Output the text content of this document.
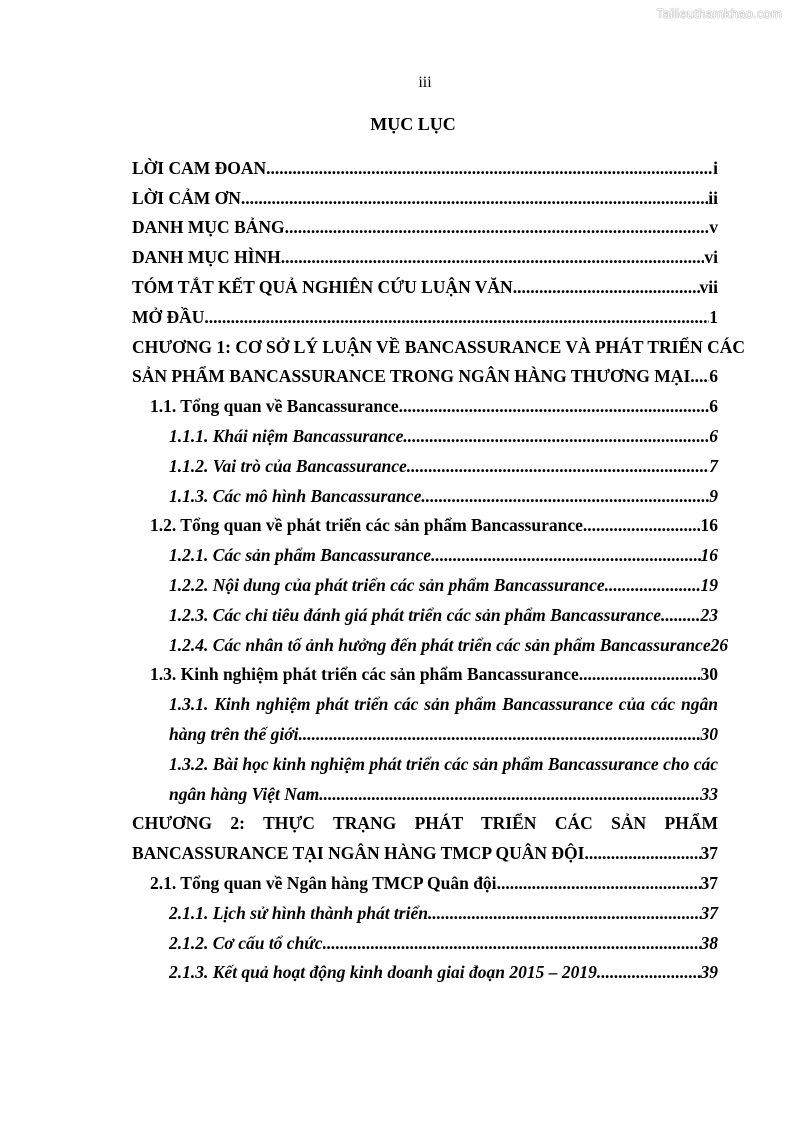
Tailieuthamkhao.com
iii
MỤC LỤC
LỜI CAM ĐOAN .....	i
LỜI CẢM ƠN .....	ii
DANH MỤC BẢNG .....	v
DANH MỤC HÌNH .....	vi
TÓM TẮT KẾT QUẢ NGHIÊN CỨU LUẬN VĂN .....	vii
MỞ ĐẦU .....	1
CHƯƠNG 1: CƠ SỞ LÝ LUẬN VỀ BANCASSURANCE VÀ PHÁT TRIỂN CÁC
SẢN PHẨM BANCASSURANCE TRONG NGÂN HÀNG THƯƠNG MẠI ..... 6
1.1. Tổng quan về Bancassurance .....	6
1.1.1. Khái niệm Bancassurance .....	6
1.1.2. Vai trò của Bancassurance .....	7
1.1.3. Các mô hình Bancassurance .....	9
1.2. Tổng quan về phát triển các sản phẩm Bancassurance .....	16
1.2.1. Các sản phẩm Bancassurance .....	16
1.2.2. Nội dung của phát triển các sản phẩm Bancassurance .....	19
1.2.3. Các chỉ tiêu đánh giá phát triển các sản phẩm Bancassurance ..... 23
1.2.4. Các nhân tố ảnh hưởng đến phát triển các sản phẩm Bancassurance 26
1.3. Kinh nghiệm phát triển các sản phẩm Bancassurance .....	30
1.3.1. Kinh nghiệm phát triển các sản phẩm Bancassurance của các ngân
hàng trên thế giới .....	30
1.3.2. Bài học kinh nghiệm phát triển các sản phẩm Bancassurance cho các
ngân hàng Việt Nam .....	33
CHƯƠNG 2: THỰC TRẠNG PHÁT TRIỂN CÁC SẢN PHẨM
BANCASSURANCE TẠI NGÂN HÀNG TMCP QUÂN ĐỘI .....	37
2.1. Tổng quan về Ngân hàng TMCP Quân đội .....	37
2.1.1. Lịch sử hình thành phát triển .....	37
2.1.2. Cơ cấu tổ chức .....	38
2.1.3. Kết quả hoạt động kinh doanh giai đoạn 2015 – 2019 .....	39
